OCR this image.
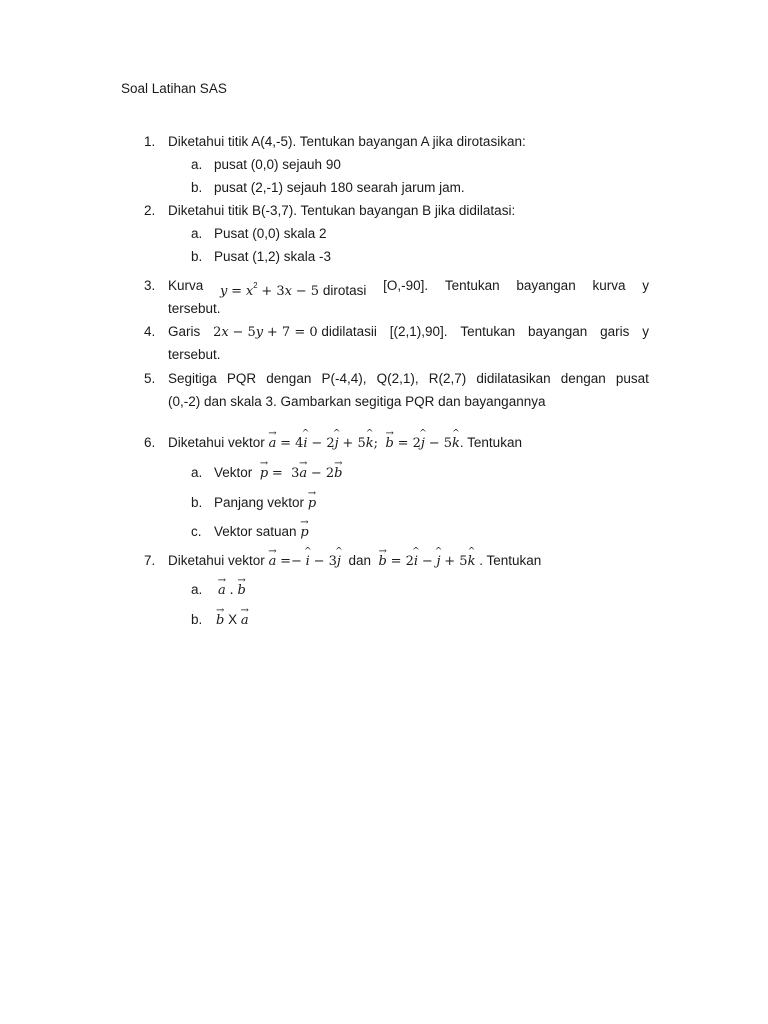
Soal Latihan SAS
1. Diketahui titik A(4,-5). Tentukan bayangan A jika dirotasikan:
a. pusat (0,0) sejauh 90
b. pusat (2,-1) sejauh 180 searah jarum jam.
2. Diketahui titik B(-3,7). Tentukan bayangan B jika didilatasi:
a. Pusat (0,0) skala 2
b. Pusat (1,2) skala -3
3. Kurva $y = x^2 + 3x - 5$ dirotasi [O,-90]. Tentukan bayangan kurva y
tersebut.
4. Garis 2x − 5y + 7 = 0 didilatasii [(2,1),90]. Tentukan bayangan garis y
tersebut.
5. Segitiga PQR dengan P(-4,4), Q(2,1), R(2,7) didilatasikan dengan pusat
(0,-2) dan skala 3. Gambarkan segitiga PQR dan bayangannya
6. Diketahui vektor → a = 4^ i − 2^ j + 5^ k; → b = 2^ j − 5^ k. Tentukan
a. Vektor → p =  3→ a − 2→ b
b. Panjang vektor → p
c. Vektor satuan → p
7. Diketahui vektor → a =− ^ i − 3^ j dan → b = 2^ i − ^ j + 5^ k . Tentukan
a. → a . → b
b. → b X → a
